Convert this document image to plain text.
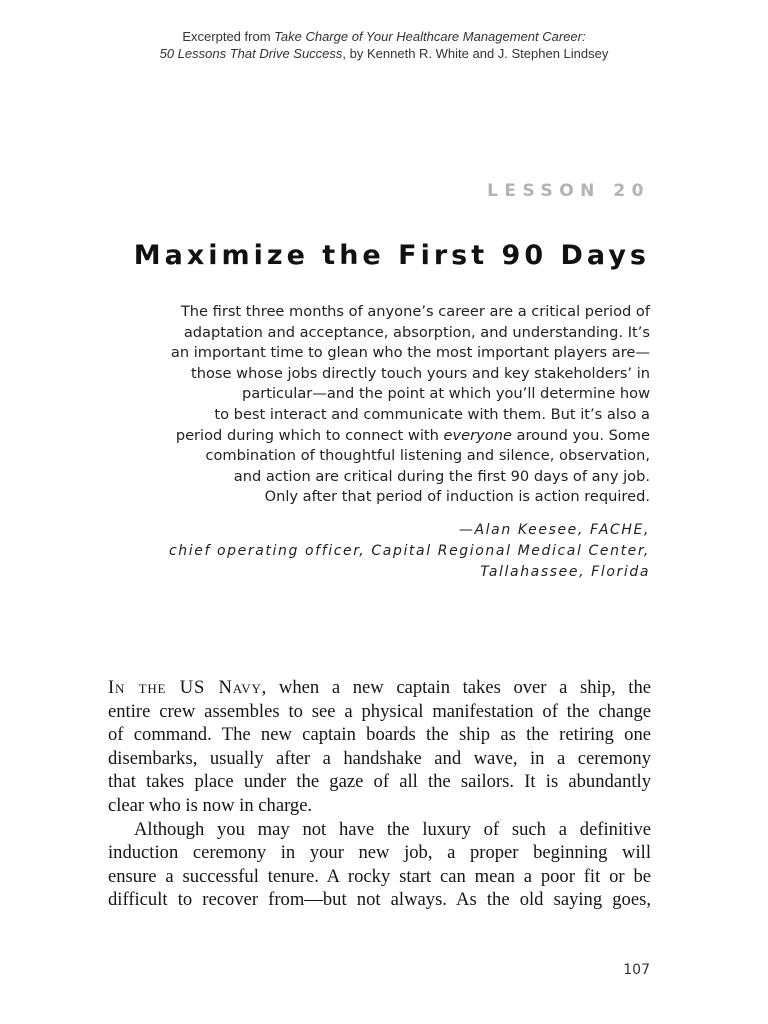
Excerpted from Take Charge of Your Healthcare Management Career:
50 Lessons That Drive Success, by Kenneth R. White and J. Stephen Lindsey
LESSON 20
Maximize the First 90 Days
The first three months of anyone’s career are a critical period of
adaptation and acceptance, absorption, and understanding. It’s
an important time to glean who the most important players are—
those whose jobs directly touch yours and key stakeholders’ in
particular—and the point at which you’ll determine how
to best interact and communicate with them. But it’s also a
period during which to connect with everyone around you. Some
combination of thoughtful listening and silence, observation,
and action are critical during the first 90 days of any job.
Only after that period of induction is action required.
—Alan Keesee, FACHE,
chief operating officer, Capital Regional Medical Center,
Tallahassee, Florida
In the US Navy, when a new captain takes over a ship, the
entire crew assembles to see a physical manifestation of the change
of command. The new captain boards the ship as the retiring one
disembarks, usually after a handshake and wave, in a ceremony
that takes place under the gaze of all the sailors. It is abundantly
clear who is now in charge.
Although you may not have the luxury of such a definitive
induction ceremony in your new job, a proper beginning will
ensure a successful tenure. A rocky start can mean a poor fit or be
difficult to recover from—but not always. As the old saying goes,
107
